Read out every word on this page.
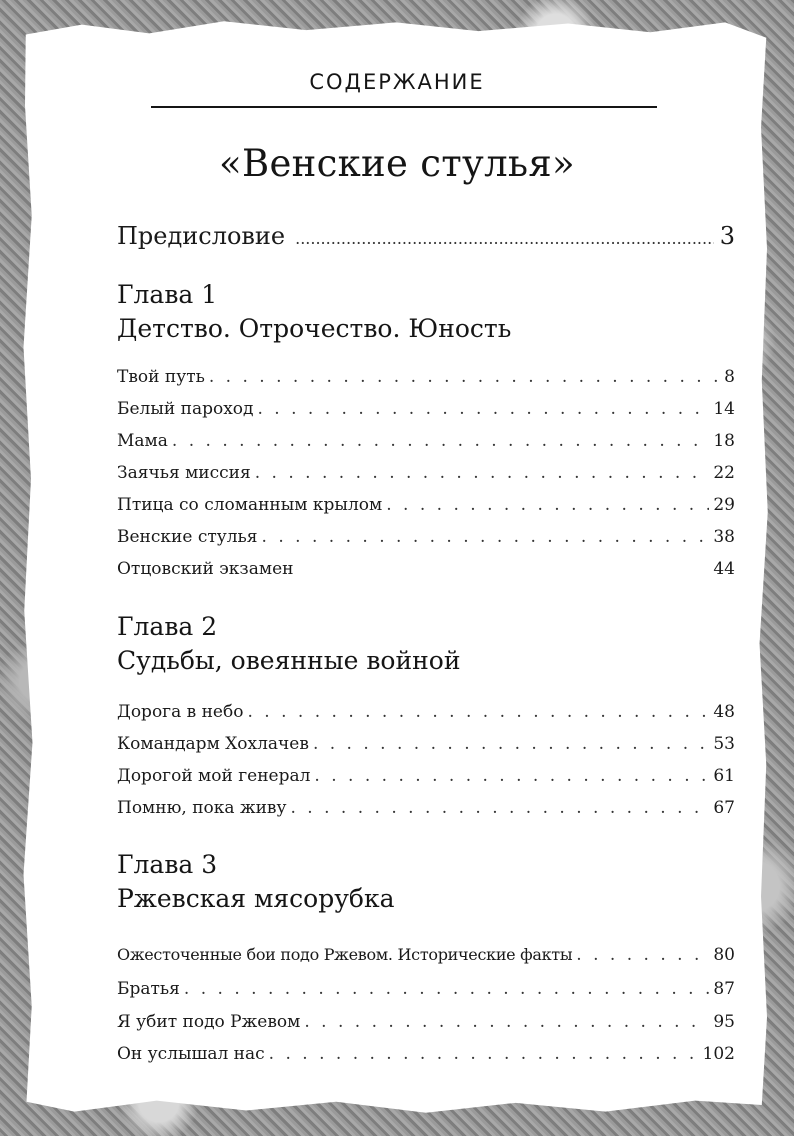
СОДЕРЖАНИЕ
«Венские стулья»
Предисловие .....	3
Глава 1
Детство. Отрочество. Юность
Твой путь . . .	8
Белый пароход . . .	14
Мама . . .	18
Заячья миссия . . .	22
Птица со сломанным крылом . . .	29
Венские стулья . . .	38
Отцовский экзамен	44
Глава 2
Судьбы, овеянные войной
Дорога в небо . . .	48
Командарм Хохлачев . . .	53
Дорогой мой генерал . . .	61
Помню, пока живу . . .	67
Глава 3
Ржевская мясорубка
Ожесточенные бои подо Ржевом. Исторические факты . . .	80
Братья . . .	87
Я убит подо Ржевом . . .	95
Он услышал нас . . .	102
